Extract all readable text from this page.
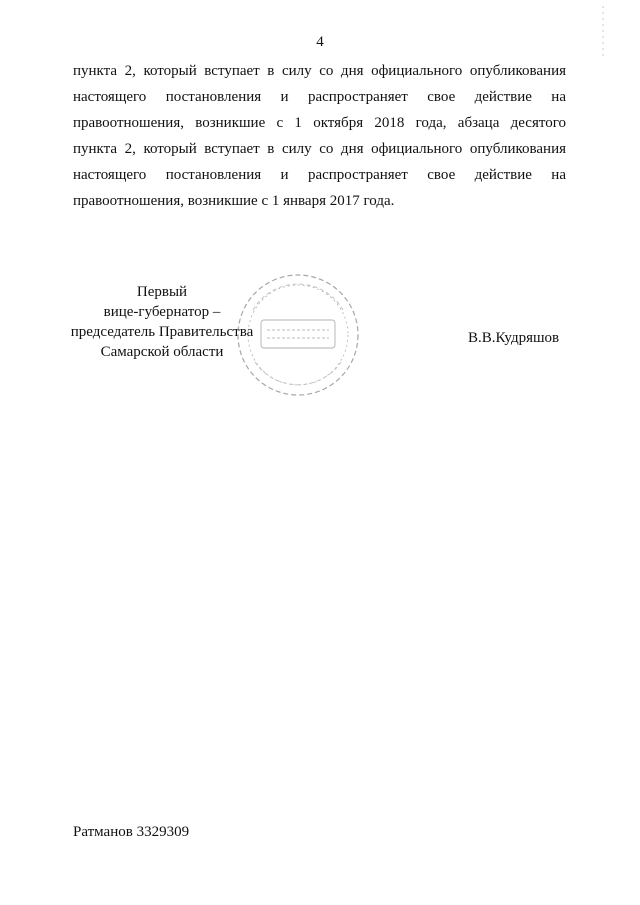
4
пункта 2, который вступает в силу со дня официального опубликования
настоящего постановления и распространяет свое действие на
правоотношения, возникшие с 1 октября 2018 года, абзаца десятого
пункта 2, который вступает в силу со дня официального опубликования
настоящего постановления и распространяет свое действие на
правоотношения, возникшие с 1 января 2017 года.
Первый
вице-губернатор –
председатель Правительства
Самарской области
В.В.Кудряшов
Ратманов 3329309
